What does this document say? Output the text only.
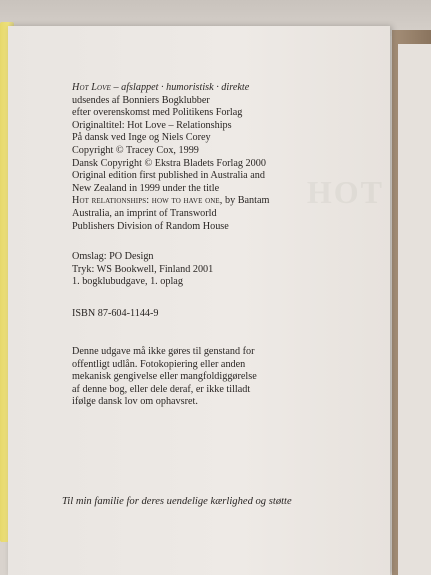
HOT
Hot Love – afslappet · humoristisk · direkte
udsendes af Bonniers Bogklubber
efter overenskomst med Politikens Forlag
Originaltitel: Hot Love – Relationships
På dansk ved Inge og Niels Corey
Copyright © Tracey Cox, 1999
Dansk Copyright © Ekstra Bladets Forlag 2000
Original edition first published in Australia and
New Zealand in 1999 under the title
Hot relationships: how to have one, by Bantam
Australia, an imprint of Transworld
Publishers Division of Random House
Omslag: PO Design
Tryk: WS Bookwell, Finland 2001
1. bogklubudgave, 1. oplag
ISBN 87-604-1144-9
Denne udgave må ikke gøres til genstand for
offentligt udlån. Fotokopiering eller anden
mekanisk gengivelse eller mangfoldiggørelse
af denne bog, eller dele deraf, er ikke tilladt
ifølge dansk lov om ophavsret.
Til min familie for deres uendelige kærlighed og støtte
